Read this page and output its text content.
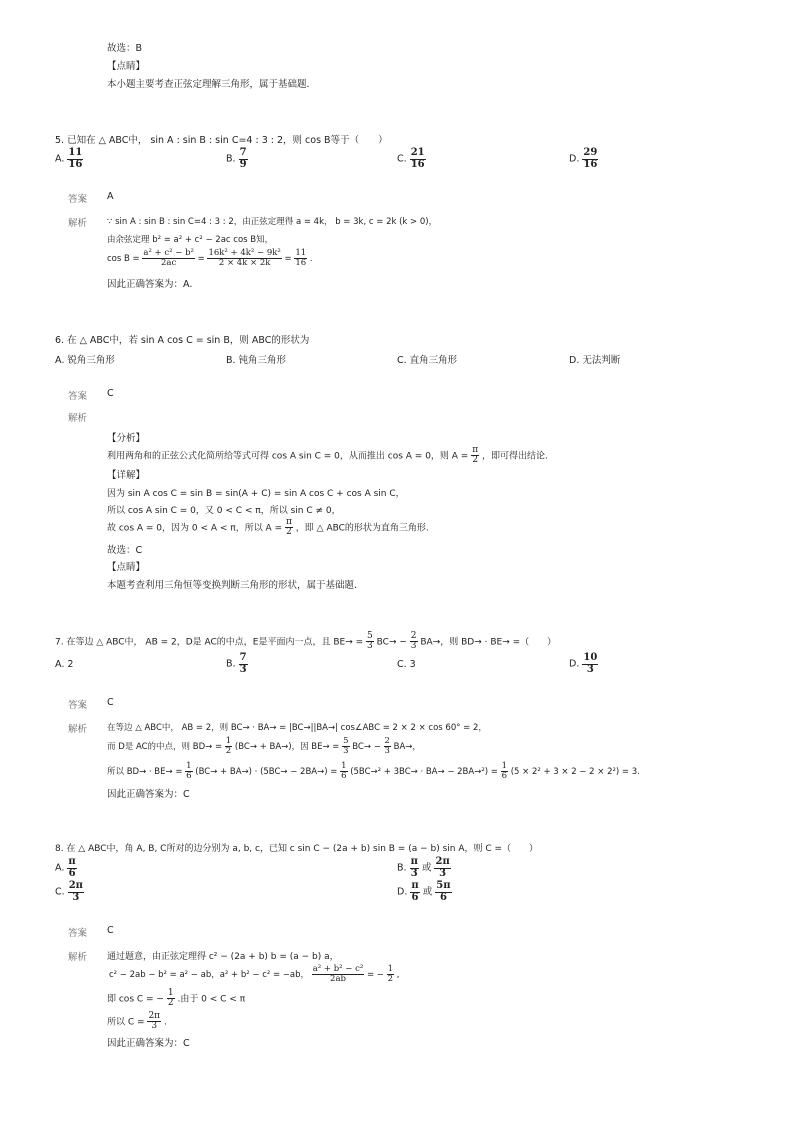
故选：B
【点睛】
本小题主要考查正弦定理解三角形，属于基础题.
5. 已知在 △ ABC中， sin A : sin B : sin C=4 : 3 : 2，则 cos B等于（　　）
A. $\frac{11}{16}$	B. $\frac{7}{9}$	C. $\frac{21}{16}$	D. $\frac{29}{16}$
答案 A
解析 ∵ sin A : sin B : sin C=4 : 3 : 2，由正弦定理得 a = 4k， b = 3k, c = 2k (k > 0)，
由余弦定理 b² = a² + c² − 2ac cos B知，
$\cos B = \frac{\text{a² + c² − b²}}{2ac} = \frac{\text{16k² + 4k² − 9k²}}{2 \times 4k \times 2k} = \frac{11}{16}$ .
因此正确答案为：A.
6. 在 △ ABC中，若 sin A cos C = sin B，则 ABC的形状为
A. 锐角三角形	B. 钝角三角形	C. 直角三角形	D. 无法判断
答案 C
解析
【分析】
利用两角和的正弦公式化简所给等式可得 cos A sin C = 0，从而推出 cos A = 0，则 $A = \frac{\pi}{2}$ ，即可得出结论.
【详解】
因为 sin A cos C = sin B = sin(A + C) = sin A cos C + cos A sin C，
所以 cos A sin C = 0，又 0 < C < π，所以 sin C ≠ 0，
故 cos A = 0，因为 0 < A < π，所以 $A = \frac{\pi}{2}$ ，即 △ ABC的形状为直角三角形.
故选：C
【点睛】
本题考查利用三角恒等变换判断三角形的形状，属于基础题.
7. 在等边 △ ABC中， AB = 2，D是 AC的中点，E是平面内一点，且 $BE\to = \frac{5}{3} BC\to - \frac{2}{3} BA\to$，则 BD→ · BE→ =（　　）
A. 2	B. $\frac{7}{3}$	C. 3	D. $\frac{10}{3}$
答案 C
解析 在等边 △ ABC中， AB = 2，则 BC→ · BA→ = |BC→||BA→| cos∠ABC = 2 × 2 × cos 60° = 2，
而 D是 AC的中点，则 $BD\to = \frac{1}{2} (BC\to + BA\to)$，因 $BE\to = \frac{5}{3} BC\to - \frac{2}{3} BA\to$，
所以 $BD\to \cdot BE\to = \frac{1}{6} (BC\to + BA\to) \cdot (5BC\to - 2BA\to) = \frac{1}{6} (5BC\to^2 + 3BC\to \cdot BA\to - 2BA\to^2) = \frac{1}{6} (5 \times 2^2 + 3 \times 2 - 2 \times 2^2) = 3$.
因此正确答案为：C
8. 在 △ ABC中，角 A, B, C所对的边分别为 a, b, c，已知 c sin C − (2a + b) sin B = (a − b) sin A，则 C =（　　）
A. $\frac{\pi}{6}$	B. $\frac{\pi}{3}$ 或 $\frac{2\pi}{3}$
C. $\frac{2\pi}{3}$	D. $\frac{\pi}{6}$ 或 $\frac{5\pi}{6}$
答案 C
解析 通过题意，由正弦定理得 c² − (2a + b) b = (a − b) a，
c² − 2ab − b² = a² − ab，a² + b² − c² = −ab， $\frac{\text{a² + b² − c²}}{2ab}$ = − $\frac{1}{2}$ ,
即 cos C = − $\frac{1}{2}$ .由于 0 < C < π
所以 $C = \frac{2\pi}{3}$ .
因此正确答案为：C
